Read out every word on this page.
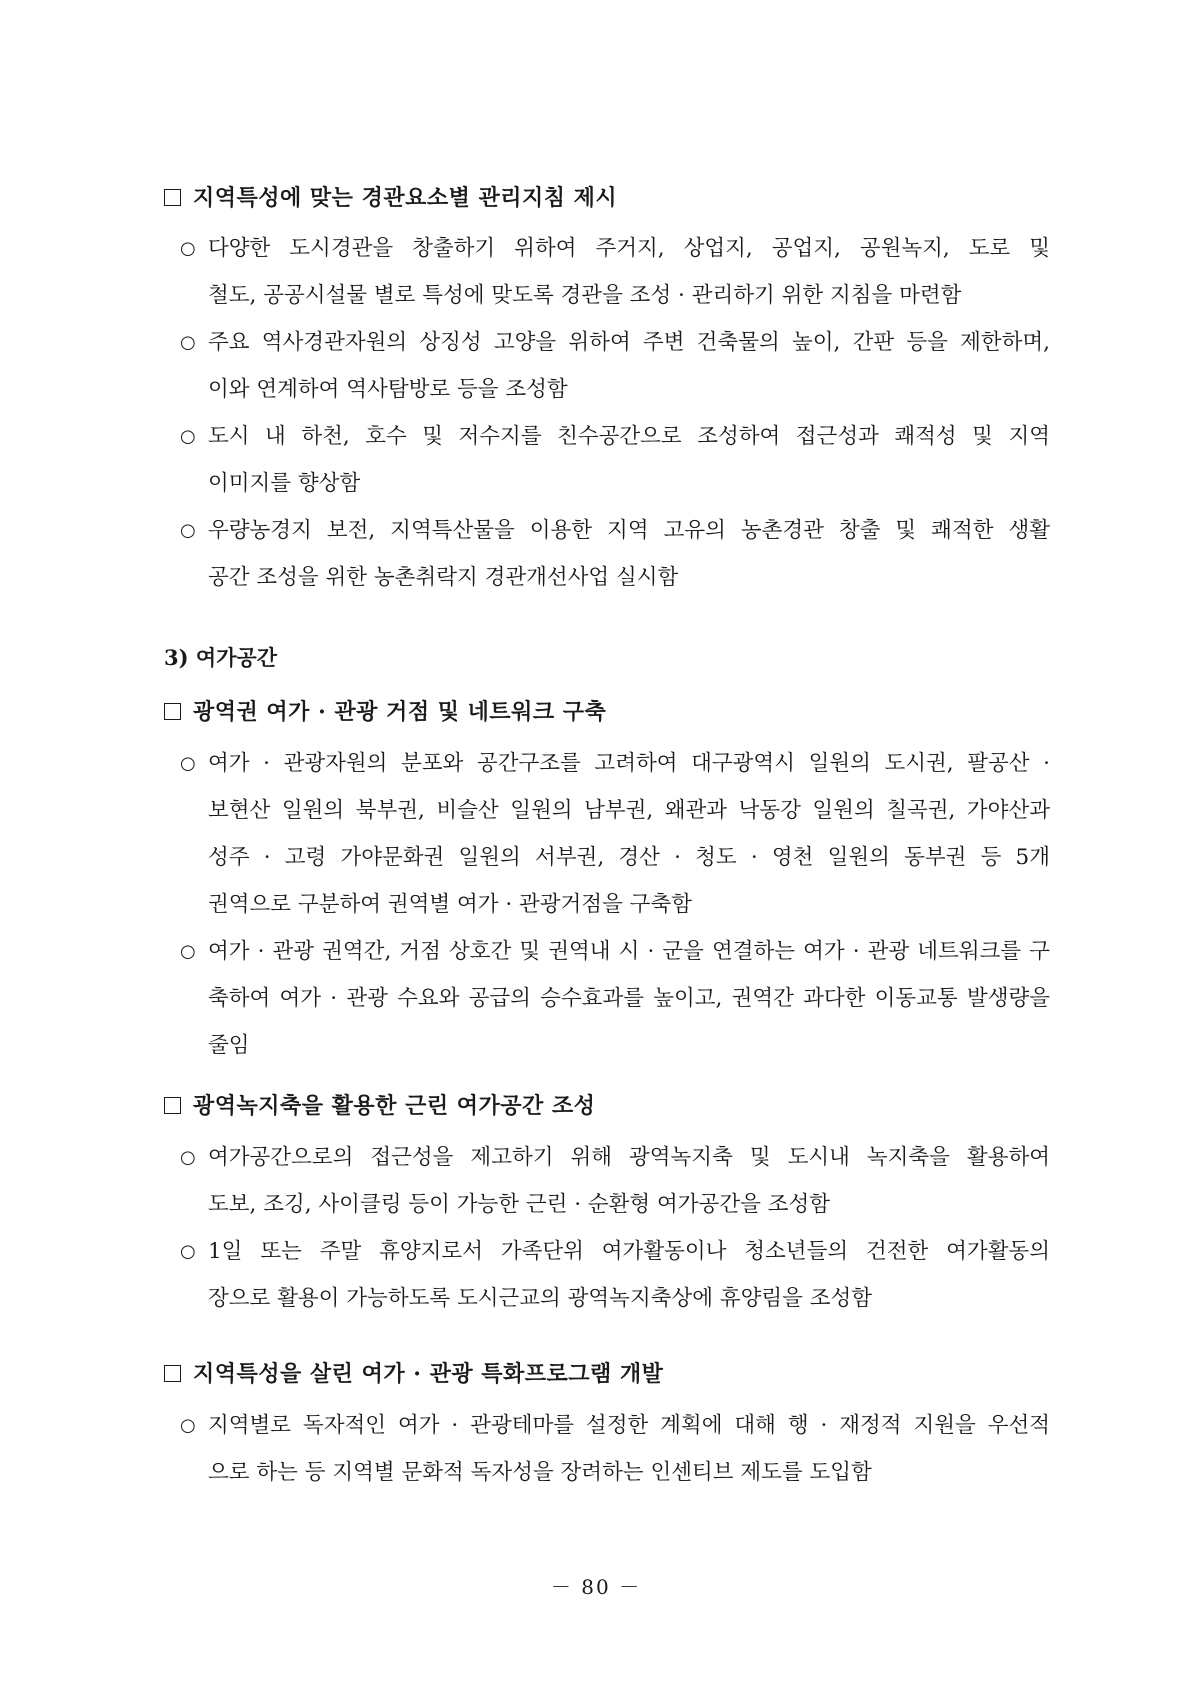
지역특성에 맞는 경관요소별 관리지침 제시
○ 다양한 도시경관을 창출하기 위하여 주거지, 상업지, 공업지, 공원녹지, 도로 및
철도, 공공시설물 별로 특성에 맞도록 경관을 조성 · 관리하기 위한 지침을 마련함
○ 주요 역사경관자원의 상징성 고양을 위하여 주변 건축물의 높이, 간판 등을 제한하며,
이와 연계하여 역사탐방로 등을 조성함
○ 도시 내 하천, 호수 및 저수지를 친수공간으로 조성하여 접근성과 쾌적성 및 지역
이미지를 향상함
○ 우량농경지 보전, 지역특산물을 이용한 지역 고유의 농촌경관 창출 및 쾌적한 생활
공간 조성을 위한 농촌취락지 경관개선사업 실시함
3) 여가공간
광역권 여가 · 관광 거점 및 네트워크 구축
○ 여가 · 관광자원의 분포와 공간구조를 고려하여 대구광역시 일원의 도시권, 팔공산 ·
보현산 일원의 북부권, 비슬산 일원의 남부권, 왜관과 낙동강 일원의 칠곡권, 가야산과
성주 · 고령 가야문화권 일원의 서부권, 경산 · 청도 · 영천 일원의 동부권 등 5개
권역으로 구분하여 권역별 여가 · 관광거점을 구축함
○ 여가 · 관광 권역간, 거점 상호간 및 권역내 시 · 군을 연결하는 여가 · 관광 네트워크를 구
축하여 여가 · 관광 수요와 공급의 승수효과를 높이고, 권역간 과다한 이동교통 발생량을
줄임
광역녹지축을 활용한 근린 여가공간 조성
○ 여가공간으로의 접근성을 제고하기 위해 광역녹지축 및 도시내 녹지축을 활용하여
도보, 조깅, 사이클링 등이 가능한 근린 · 순환형 여가공간을 조성함
○ 1일 또는 주말 휴양지로서 가족단위 여가활동이나 청소년들의 건전한 여가활동의
장으로 활용이 가능하도록 도시근교의 광역녹지축상에 휴양림을 조성함
지역특성을 살린 여가 · 관광 특화프로그램 개발
○ 지역별로 독자적인 여가 · 관광테마를 설정한 계획에 대해 행 · 재정적 지원을 우선적
으로 하는 등 지역별 문화적 독자성을 장려하는 인센티브 제도를 도입함
－ 80 －
